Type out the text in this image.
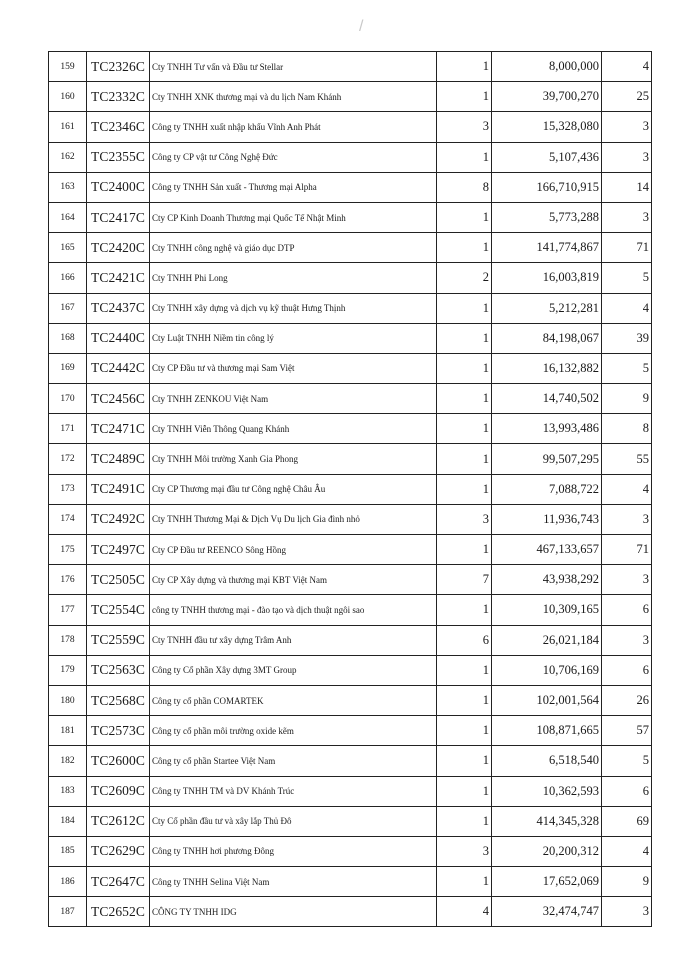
/
159	TC2326C	Cty TNHH Tư vấn và Đầu tư Stellar	1	8,000,000	4
160	TC2332C	Cty TNHH XNK thương mại và du lịch Nam Khánh	1	39,700,270	25
161	TC2346C	Công ty TNHH xuất nhập khẩu Vĩnh Anh Phát	3	15,328,080	3
162	TC2355C	Công ty CP vật tư Công Nghệ Đức	1	5,107,436	3
163	TC2400C	Công ty TNHH Sản xuất - Thương mại Alpha	8	166,710,915	14
164	TC2417C	Cty CP Kinh Doanh Thương mại Quốc Tế Nhật Minh	1	5,773,288	3
165	TC2420C	Cty TNHH công nghệ và giáo dục DTP	1	141,774,867	71
166	TC2421C	Cty TNHH Phi Long	2	16,003,819	5
167	TC2437C	Cty TNHH xây dựng và dịch vụ kỹ thuật Hưng Thịnh	1	5,212,281	4
168	TC2440C	Cty Luật TNHH Niềm tin công lý	1	84,198,067	39
169	TC2442C	Cty CP Đầu tư và thương mại Sam Việt	1	16,132,882	5
170	TC2456C	Cty TNHH ZENKOU Việt Nam	1	14,740,502	9
171	TC2471C	Cty TNHH Viễn Thông Quang Khánh	1	13,993,486	8
172	TC2489C	Cty TNHH Môi trường Xanh Gia Phong	1	99,507,295	55
173	TC2491C	Cty CP Thương mại đầu tư Công nghệ Châu Âu	1	7,088,722	4
174	TC2492C	Cty TNHH Thương Mại & Dịch Vụ Du lịch Gia đình nhỏ	3	11,936,743	3
175	TC2497C	Cty CP Đầu tư REENCO Sông Hồng	1	467,133,657	71
176	TC2505C	Cty CP Xây dựng và thương mại KBT Việt Nam	7	43,938,292	3
177	TC2554C	công ty TNHH thương mại - đào tạo và dịch thuật ngôi sao	1	10,309,165	6
178	TC2559C	Cty TNHH đầu tư xây dựng Trâm Anh	6	26,021,184	3
179	TC2563C	Công ty Cổ phần Xây dựng 3MT Group	1	10,706,169	6
180	TC2568C	Công ty cổ phần COMARTEK	1	102,001,564	26
181	TC2573C	Công ty cổ phần môi trường oxide kẽm	1	108,871,665	57
182	TC2600C	Công ty cổ phần Startee Việt Nam	1	6,518,540	5
183	TC2609C	Công ty TNHH TM và DV Khánh Trúc	1	10,362,593	6
184	TC2612C	Cty Cổ phần đầu tư và xây lắp Thủ Đô	1	414,345,328	69
185	TC2629C	Công ty TNHH hơi phương Đông	3	20,200,312	4
186	TC2647C	Công ty TNHH Selina Việt Nam	1	17,652,069	9
187	TC2652C	CÔNG TY TNHH IDG	4	32,474,747	3
